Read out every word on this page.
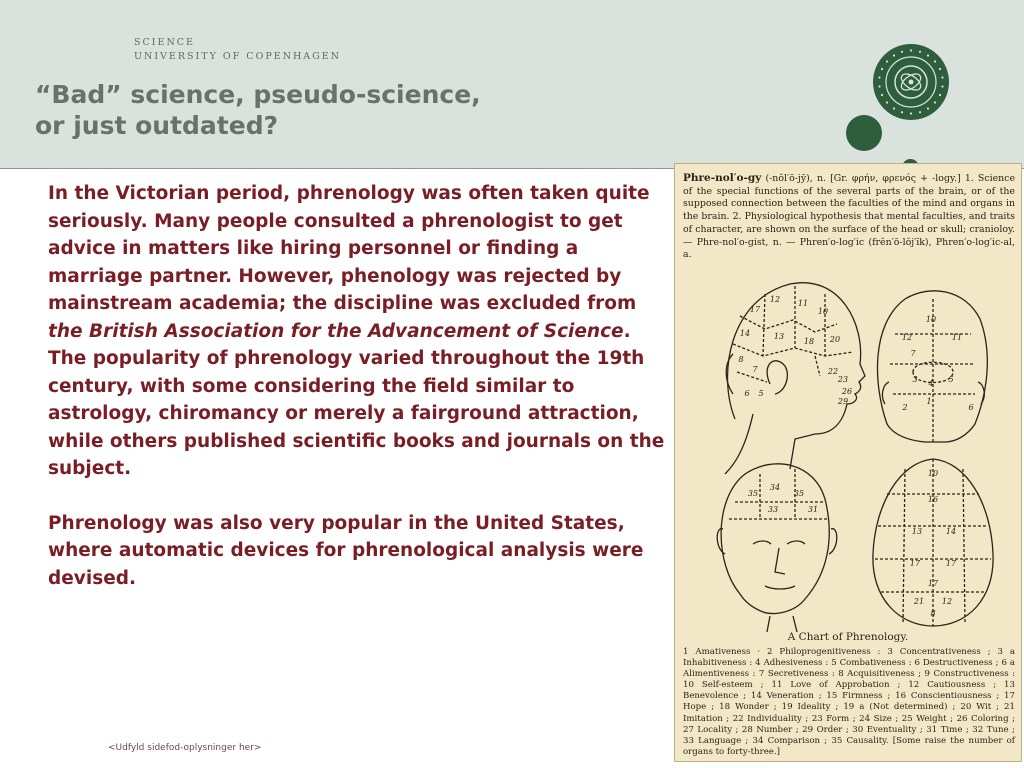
SCIENCE
UNIVERSITY OF COPENHAGEN
“Bad” science, pseudo-science,
or just outdated?

In the Victorian period, phrenology was often taken quite seriously. Many people consulted a phrenologist to get advice in matters like hiring personnel or finding a marriage partner. However, phenology was rejected by mainstream academia; the discipline was excluded from the British Association for the Advancement of Science. The popularity of phrenology varied throughout the 19th century, with some considering the field similar to astrology, chiromancy or merely a fairground attraction, while others published scientific books and journals on the subject.

Phrenology was also very popular in the United States, where automatic devices for phrenological analysis were devised.

<Udfyld sidefod-oplysninger her>

Phre-nol′o-gy (-nŏl′ō-jȳ), n. [Gr. φρήν, φρενός + -logy.] 1. Science of the special functions of the several parts of the brain, or of the supposed connection between the faculties of the mind and organs in the brain. 2. Physiological hypothesis that mental faculties, and traits of character, are shown on the surface of the head or skull; cranioloy. — Phre-nol′o-gist, n. — Phren′o-log′ic (frĕn′ō-lŏj′ĭk), Phren′o-log′ic-al, a.

17
12 11
10
14	13
18 20
8
7
6 5
22
23
26
29
10
11
12
7
5
3
1
2	6
4
35
34
35
33	31
10
16
13	14
17	17
17
21 12
8

A Chart of Phrenology.

1 Amativeness · 2 Philoprogenitiveness : 3 Concentrativeness ; 3 a Inhabitiveness : 4 Adhesiveness : 5 Combativeness : 6 Destructiveness ; 6 a Alimentiveness : 7 Secretiveness : 8 Acquisitiveness ; 9 Constructiveness : 10 Self-esteem ; 11 Love of Approbation ; 12 Cautiousness ; 13 Benevolence ; 14 Veneration ; 15 Firmness ; 16 Conscientiousness ; 17 Hope ; 18 Wonder ; 19 Ideality ; 19 a (Not determined) ; 20 Wit ; 21 Imitation ; 22 Individuality ; 23 Form ; 24 Size ; 25 Weight ; 26 Coloring ; 27 Locality ; 28 Number ; 29 Order ; 30 Eventuality ; 31 Time ; 32 Tune ; 33 Language ; 34 Comparison ; 35 Causality. [Some raise the number of organs to forty-three.]
